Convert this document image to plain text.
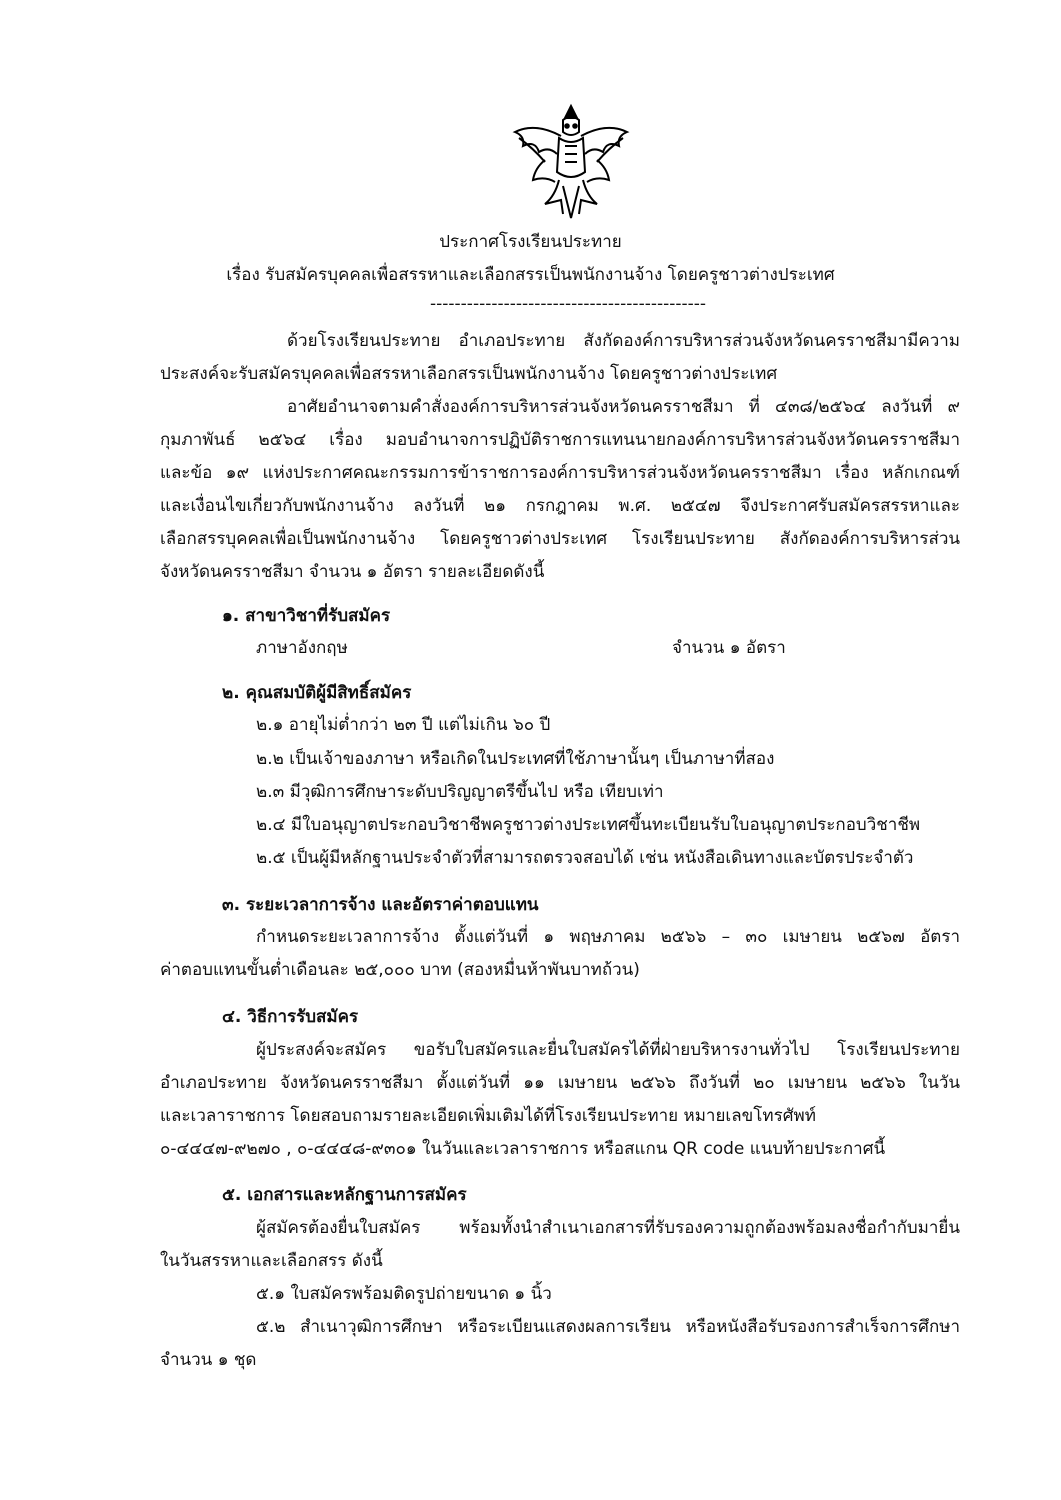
ประกาศโรงเรียนประทาย
เรื่อง รับสมัครบุคคลเพื่อสรรหาและเลือกสรรเป็นพนักงานจ้าง โดยครูชาวต่างประเทศ
---------------------------------------------
ด้วยโรงเรียนประทาย อำเภอประทาย สังกัดองค์การบริหารส่วนจังหวัดนครราชสีมามีความ
ประสงค์จะรับสมัครบุคคลเพื่อสรรหาเลือกสรรเป็นพนักงานจ้าง โดยครูชาวต่างประเทศ
อาศัยอำนาจตามคำสั่งองค์การบริหารส่วนจังหวัดนครราชสีมา ที่ ๔๓๘/๒๕๖๔ ลงวันที่ ๙
กุมภาพันธ์ ๒๕๖๔ เรื่อง มอบอำนาจการปฏิบัติราชการแทนนายกองค์การบริหารส่วนจังหวัดนครราชสีมา
และข้อ ๑๙ แห่งประกาศคณะกรรมการข้าราชการองค์การบริหารส่วนจังหวัดนครราชสีมา เรื่อง หลักเกณฑ์
และเงื่อนไขเกี่ยวกับพนักงานจ้าง ลงวันที่ ๒๑ กรกฎาคม พ.ศ. ๒๕๔๗ จึงประกาศรับสมัครสรรหาและ
เลือกสรรบุคคลเพื่อเป็นพนักงานจ้าง โดยครูชาวต่างประเทศ โรงเรียนประทาย สังกัดองค์การบริหารส่วน
จังหวัดนครราชสีมา จำนวน ๑ อัตรา รายละเอียดดังนี้
๑. สาขาวิชาที่รับสมัคร
ภาษาอังกฤษ	จำนวน ๑ อัตรา
๒. คุณสมบัติผู้มีสิทธิ์สมัคร
๒.๑ อายุไม่ต่ำกว่า ๒๓ ปี แต่ไม่เกิน ๖๐ ปี
๒.๒ เป็นเจ้าของภาษา หรือเกิดในประเทศที่ใช้ภาษานั้นๆ เป็นภาษาที่สอง
๒.๓ มีวุฒิการศึกษาระดับปริญญาตรีขึ้นไป หรือ เทียบเท่า
๒.๔ มีใบอนุญาตประกอบวิชาชีพครูชาวต่างประเทศขึ้นทะเบียนรับใบอนุญาตประกอบวิชาชีพ
๒.๕ เป็นผู้มีหลักฐานประจำตัวที่สามารถตรวจสอบได้ เช่น หนังสือเดินทางและบัตรประจำตัว
๓. ระยะเวลาการจ้าง และอัตราค่าตอบแทน
กำหนดระยะเวลาการจ้าง ตั้งแต่วันที่ ๑ พฤษภาคม ๒๕๖๖ – ๓๐ เมษายน ๒๕๖๗ อัตรา
ค่าตอบแทนขั้นต่ำเดือนละ ๒๕,๐๐๐ บาท (สองหมื่นห้าพันบาทถ้วน)
๔. วิธีการรับสมัคร
ผู้ประสงค์จะสมัคร ขอรับใบสมัครและยื่นใบสมัครได้ที่ฝ่ายบริหารงานทั่วไป โรงเรียนประทาย
อำเภอประทาย จังหวัดนครราชสีมา ตั้งแต่วันที่ ๑๑ เมษายน ๒๕๖๖ ถึงวันที่ ๒๐ เมษายน ๒๕๖๖ ในวัน
และเวลาราชการ โดยสอบถามรายละเอียดเพิ่มเติมได้ที่โรงเรียนประทาย หมายเลขโทรศัพท์
๐-๔๔๔๗-๙๒๗๐ , ๐-๔๔๔๘-๙๓๐๑ ในวันและเวลาราชการ หรือสแกน QR code แนบท้ายประกาศนี้
๕. เอกสารและหลักฐานการสมัคร
ผู้สมัครต้องยื่นใบสมัคร พร้อมทั้งนำสำเนาเอกสารที่รับรองความถูกต้องพร้อมลงชื่อกำกับมายื่น
ในวันสรรหาและเลือกสรร ดังนี้
๕.๑ ใบสมัครพร้อมติดรูปถ่ายขนาด ๑ นิ้ว
๕.๒ สำเนาวุฒิการศึกษา หรือระเบียนแสดงผลการเรียน หรือหนังสือรับรองการสำเร็จการศึกษา
จำนวน ๑ ชุด
